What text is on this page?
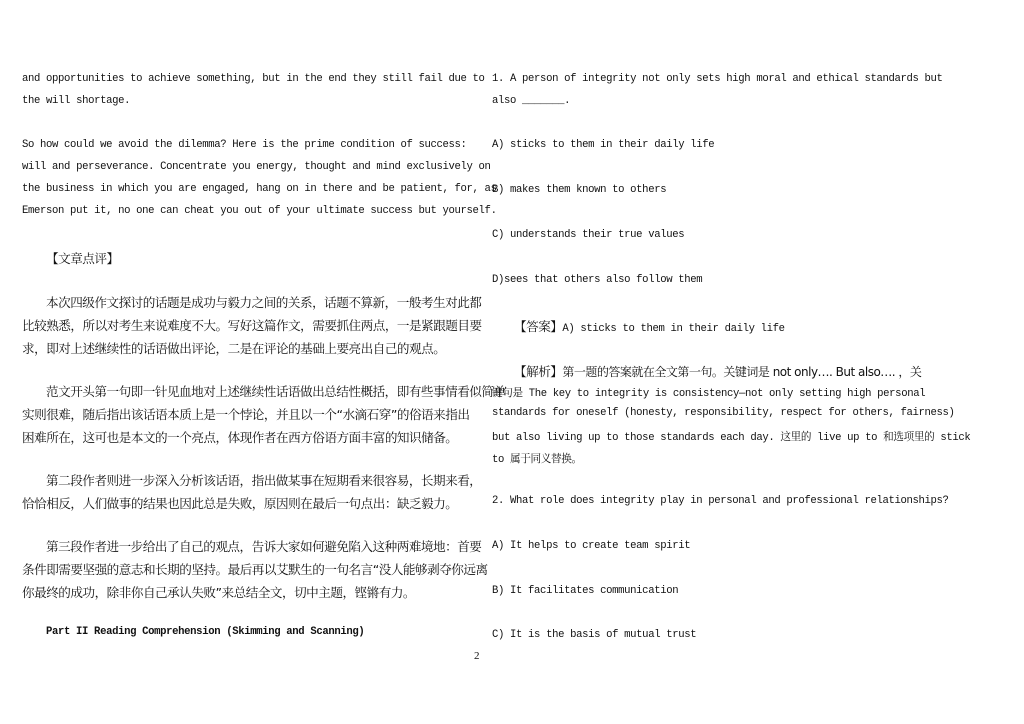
and opportunities to achieve something, but in the end they still fail due to
the will shortage.
So how could we avoid the dilemma? Here is the prime condition of success:
will and perseverance. Concentrate you energy, thought and mind exclusively on
the business in which you are engaged, hang on in there and be patient, for, as
Emerson put it, no one can cheat you out of your ultimate success but yourself.
【文章点评】
本次四级作文探讨的话题是成功与毅力之间的关系，话题不算新，一般考生对此都
比较熟悉，所以对考生来说难度不大。写好这篇作文，需要抓住两点，一是紧跟题目要
求，即对上述继续性的话语做出评论，二是在评论的基础上要亮出自己的观点。
范文开头第一句即一针见血地对上述继续性话语做出总结性概括，即有些事情看似简单
实则很难，随后指出该话语本质上是一个悖论，并且以一个“水滴石穿”的俗语来指出
困难所在，这可也是本文的一个亮点，体现作者在西方俗语方面丰富的知识储备。
第二段作者则进一步深入分析该话语，指出做某事在短期看来很容易，长期来看，
恰恰相反，人们做事的结果也因此总是失败，原因则在最后一句点出：缺乏毅力。
第三段作者进一步给出了自己的观点，告诉大家如何避免陷入这种两难境地：首要
条件即需要坚强的意志和长期的坚持。最后再以艾默生的一句名言“没人能够剥夺你远离
你最终的成功，除非你自己承认失败”来总结全文，切中主题，铿锵有力。
Part II Reading Comprehension (Skimming and Scanning)
1. A person of integrity not only sets high moral and ethical standards but
also _______.
A) sticks to them in their daily life
B) makes them known to others
C) understands their true values
D)sees that others also follow them
【答案】A) sticks to them in their daily life
【解析】第一题的答案就在全文第一句。关键词是 not only…. But also…. ，关
键句是 The key to integrity is consistency—not only setting high personal
standards for oneself (honesty, responsibility, respect for others, fairness)
but also living up to those standards each day. 这里的 live up to 和选项里的 stick
to 属于同义替换。
2. What role does integrity play in personal and professional relationships?
A) It helps to create team spirit
B) It facilitates communication
C) It is the basis of mutual trust
2
